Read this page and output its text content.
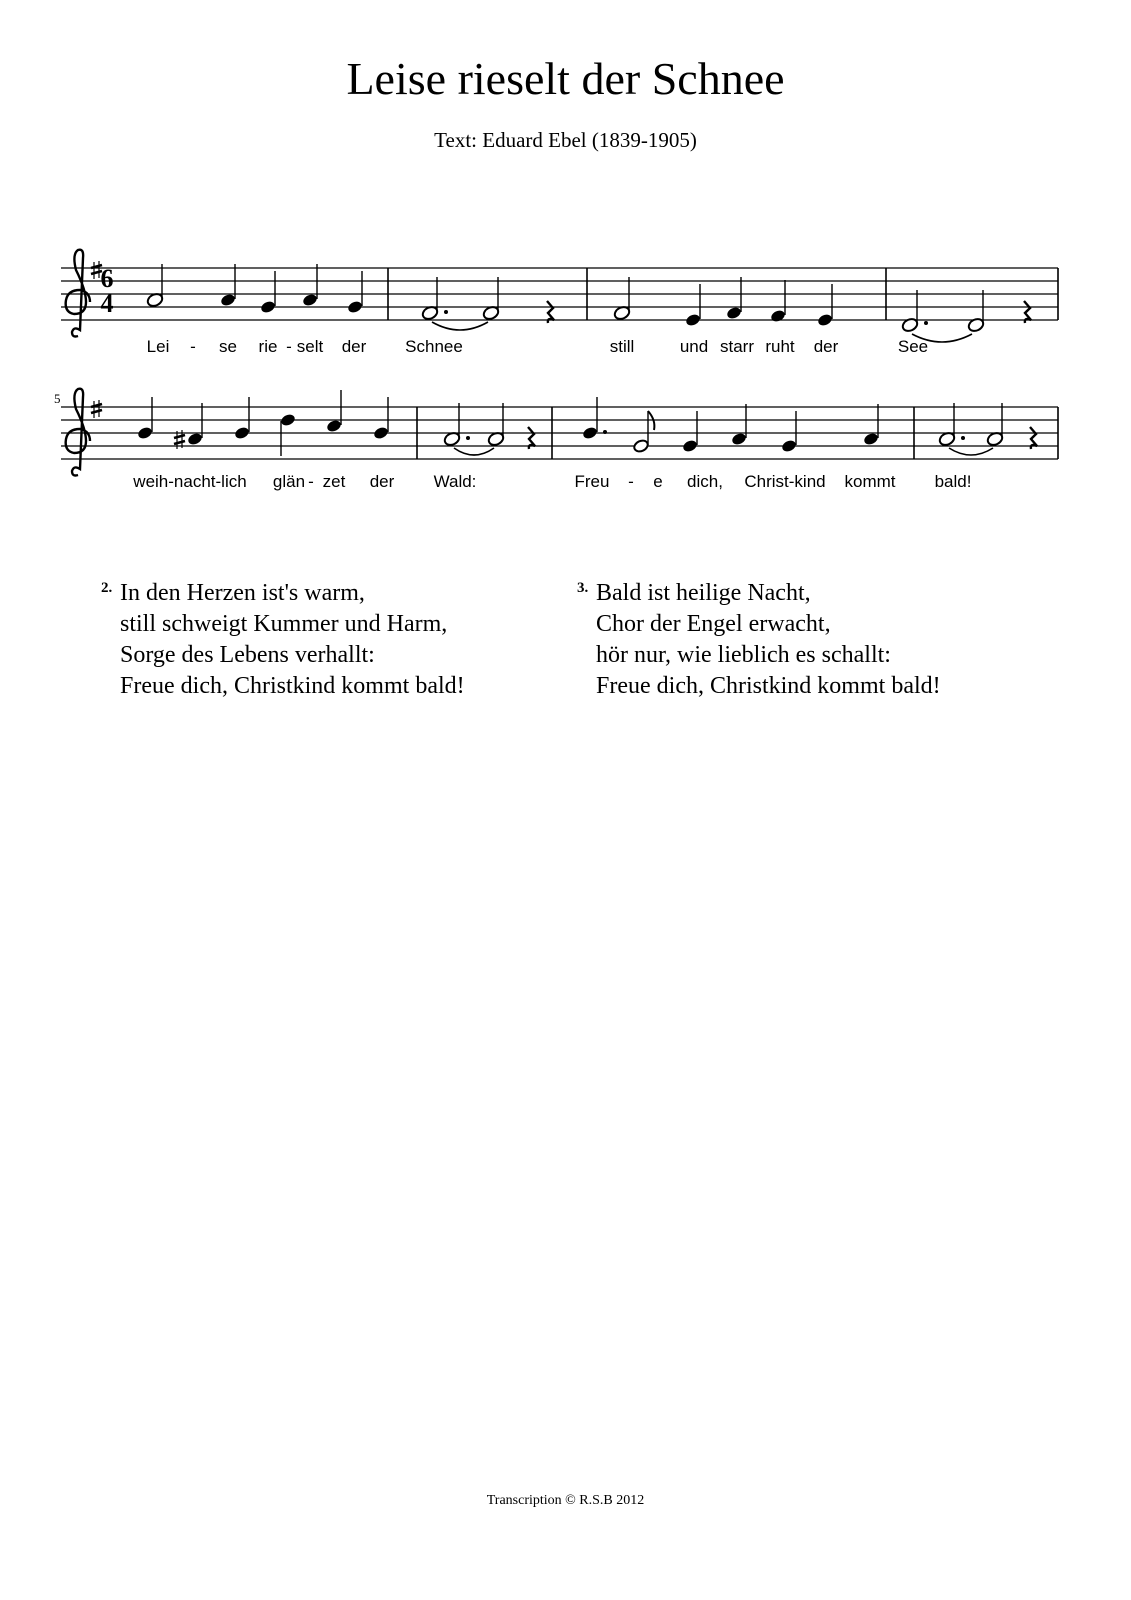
Leise rieselt der Schnee
Text: Eduard Ebel (1839-1905)
6
4
Lei - se rie - selt der Schnee	still	und starr ruht der	See
5
weih-nacht-lich glän - zet der Wald:	Freu - e dich, Christ-kind kommt bald!
2. In den Herzen ist's warm,
still schweigt Kummer und Harm,
Sorge des Lebens verhallt:
Freue dich, Christkind kommt bald!
3. Bald ist heilige Nacht,
Chor der Engel erwacht,
hör nur, wie lieblich es schallt:
Freue dich, Christkind kommt bald!
Transcription © R.S.B 2012
